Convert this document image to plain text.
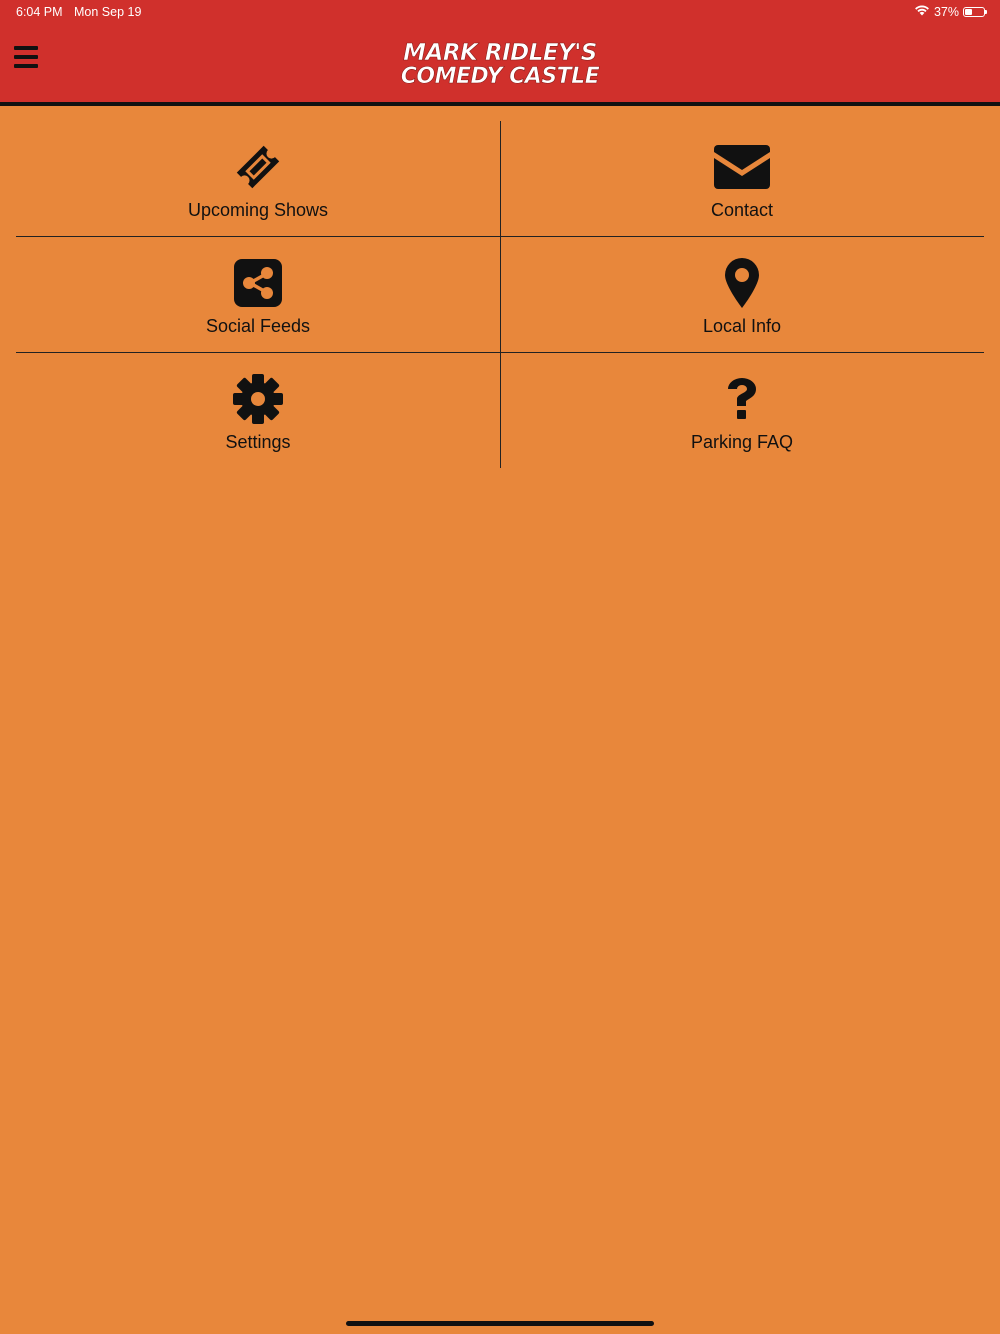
6:04 PM Mon Sep 19	37%
MARK RIDLEY'S
COMEDY CASTLE
Upcoming Shows	Contact
Social Feeds	Local Info
Settings	Parking FAQ
